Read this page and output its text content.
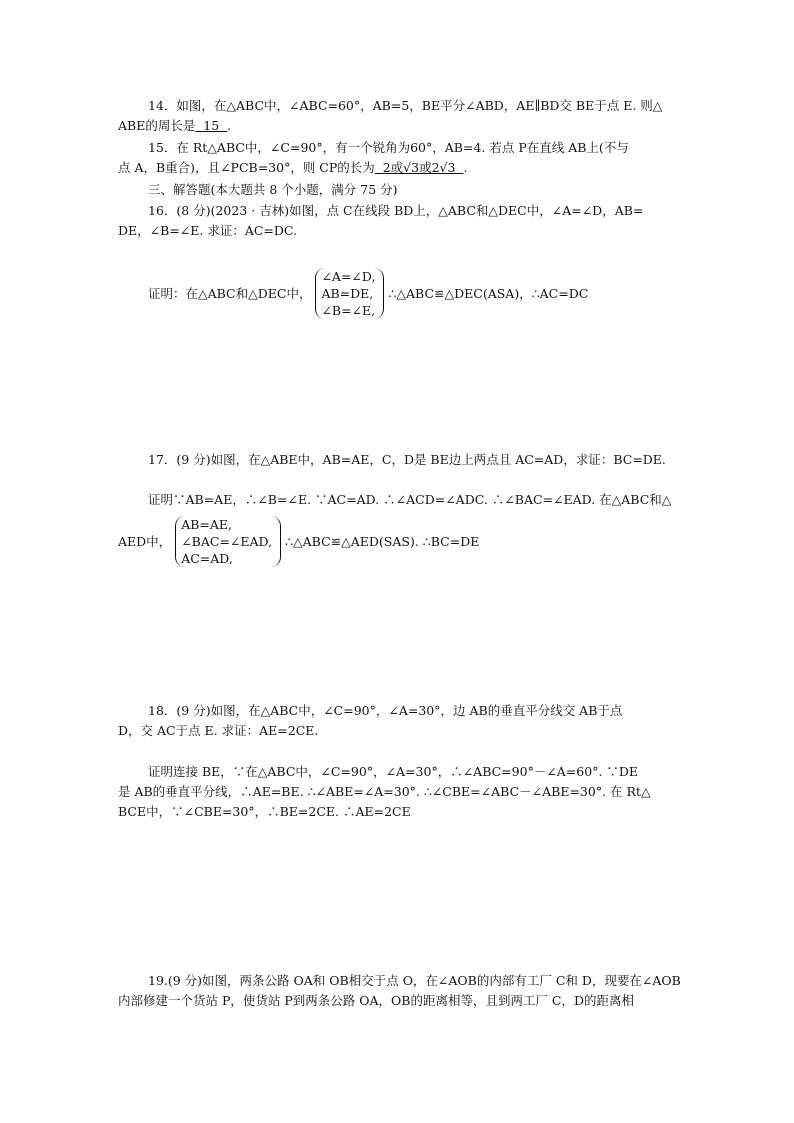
14．如图，在△ABC中，∠ABC=60°，AB=5，BE平分∠ABD，AE∥BD交 BE于点 E. 则△
ABE的周长是 15 .
15．在 Rt△ABC中，∠C=90°，有一个锐角为60°，AB=4. 若点 P在直线 AB上(不与
点 A，B重合)，且∠PCB=30°，则 CP的长为 2或√3或2√3 .
三、解答题(本大题共 8 个小题，满分 75 分)
16．(8 分)(2023 · 吉林)如图，点 C在线段 BD上，△ABC和△DEC中，∠A=∠D，AB=
DE，∠B=∠E. 求证：AC=DC.
证明：在△ABC和△DEC中，
∠A=∠D,
AB=DE,
∠B=∠E,
∴△ABC≌△DEC(ASA)，∴AC=DC
17．(9 分)如图，在△ABE中，AB=AE，C，D是 BE边上两点且 AC=AD，求证：BC=DE.
证明∵AB=AE，∴∠B=∠E. ∵AC=AD. ∴∠ACD=∠ADC. ∴∠BAC=∠EAD. 在△ABC和△
AED中，
AB=AE,
∠BAC=∠EAD,
AC=AD,
∴△ABC≌△AED(SAS). ∴BC=DE
18．(9 分)如图，在△ABC中，∠C=90°，∠A=30°，边 AB的垂直平分线交 AB于点
D，交 AC于点 E. 求证：AE=2CE.
证明连接 BE，∵在△ABC中，∠C=90°，∠A=30°，∴∠ABC=90°－∠A=60°. ∵DE
是 AB的垂直平分线，∴AE=BE. ∴∠ABE=∠A=30°. ∴∠CBE=∠ABC－∠ABE=30°. 在 Rt△
BCE中，∵∠CBE=30°，∴BE=2CE. ∴AE=2CE
19.(9 分)如图，两条公路 OA和 OB相交于点 O，在∠AOB的内部有工厂 C和 D，现要在∠AOB
内部修建一个货站 P，使货站 P到两条公路 OA，OB的距离相等，且到两工厂 C，D的距离相
